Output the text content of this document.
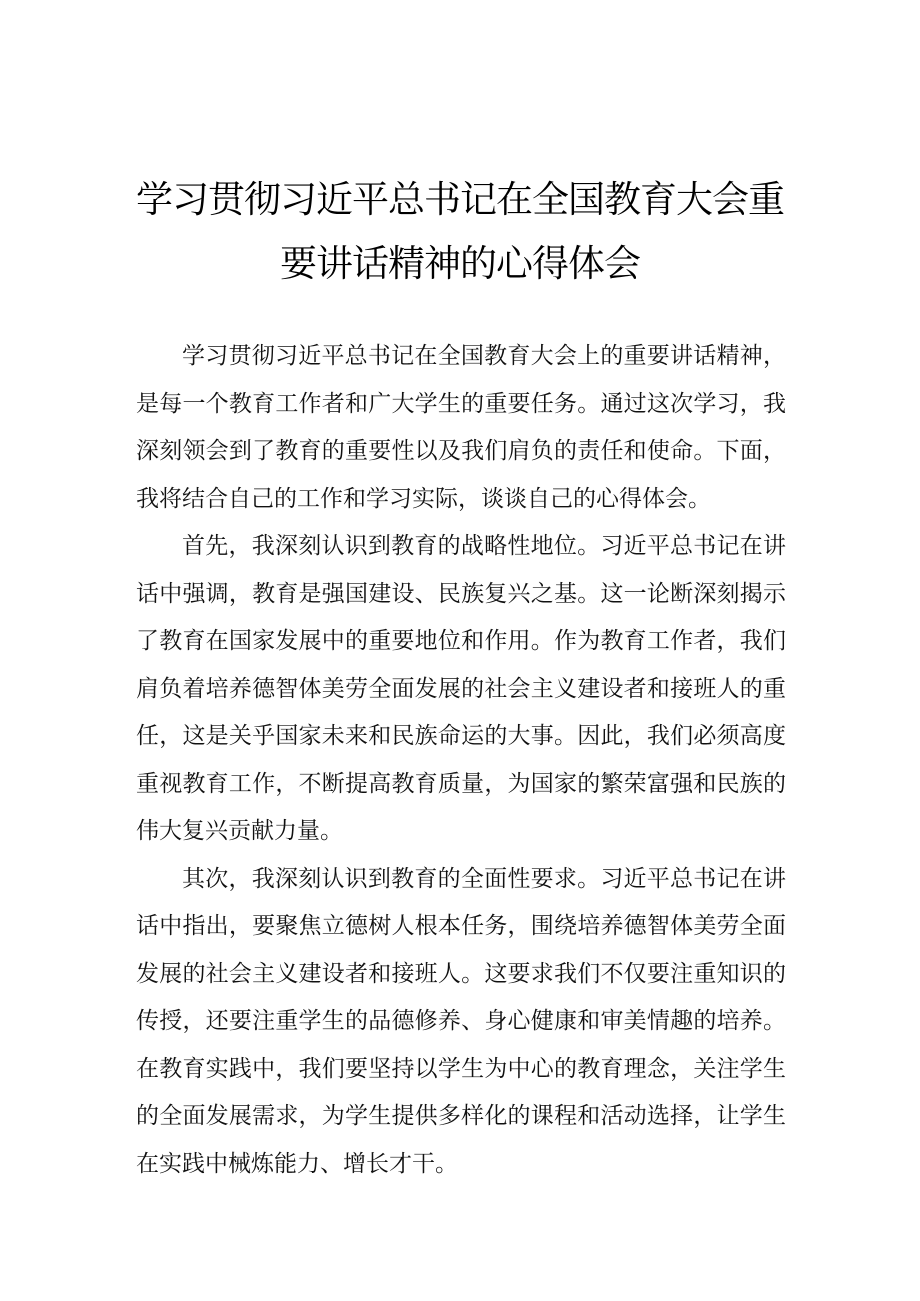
学习贯彻习近平总书记在全国教育大会重
要讲话精神的心得体会
学习贯彻习近平总书记在全国教育大会上的重要讲话精神，
是每一个教育工作者和广大学生的重要任务。通过这次学习，我
深刻领会到了教育的重要性以及我们肩负的责任和使命。下面，
我将结合自己的工作和学习实际，谈谈自己的心得体会。
首先，我深刻认识到教育的战略性地位。习近平总书记在讲
话中强调，教育是强国建设、民族复兴之基。这一论断深刻揭示
了教育在国家发展中的重要地位和作用。作为教育工作者，我们
肩负着培养德智体美劳全面发展的社会主义建设者和接班人的重
任，这是关乎国家未来和民族命运的大事。因此，我们必须高度
重视教育工作，不断提高教育质量，为国家的繁荣富强和民族的
伟大复兴贡献力量。
其次，我深刻认识到教育的全面性要求。习近平总书记在讲
话中指出，要聚焦立德树人根本任务，围绕培养德智体美劳全面
发展的社会主义建设者和接班人。这要求我们不仅要注重知识的
传授，还要注重学生的品德修养、身心健康和审美情趣的培养。
在教育实践中，我们要坚持以学生为中心的教育理念，关注学生
的全面发展需求，为学生提供多样化的课程和活动选择，让学生
在实践中械炼能力、增长才干。
